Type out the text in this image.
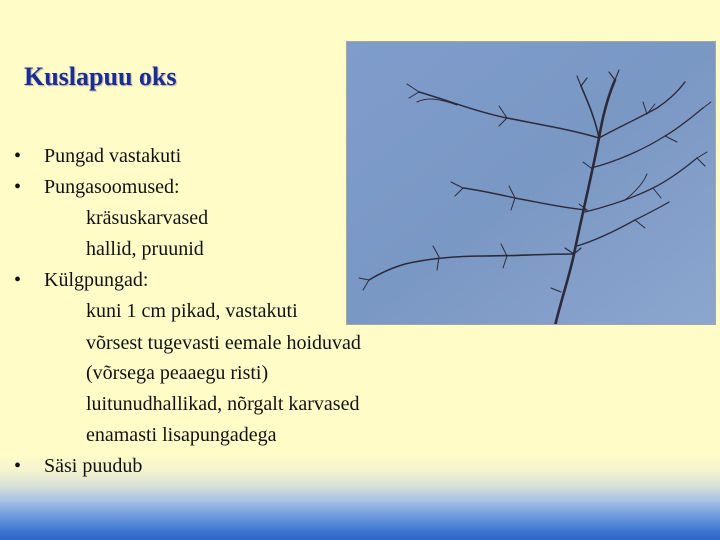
Kuslapuu oks
• Pungad vastakuti
• Pungasoomused:
kräsuskarvased
hallid, pruunid
• Külgpungad:
kuni 1 cm pikad, vastakuti
võrsest tugevasti eemale hoiduvad
(võrsega peaaegu risti)
luitunudhallikad, nõrgalt karvased
enamasti lisapungadega
• Säsi puudub
